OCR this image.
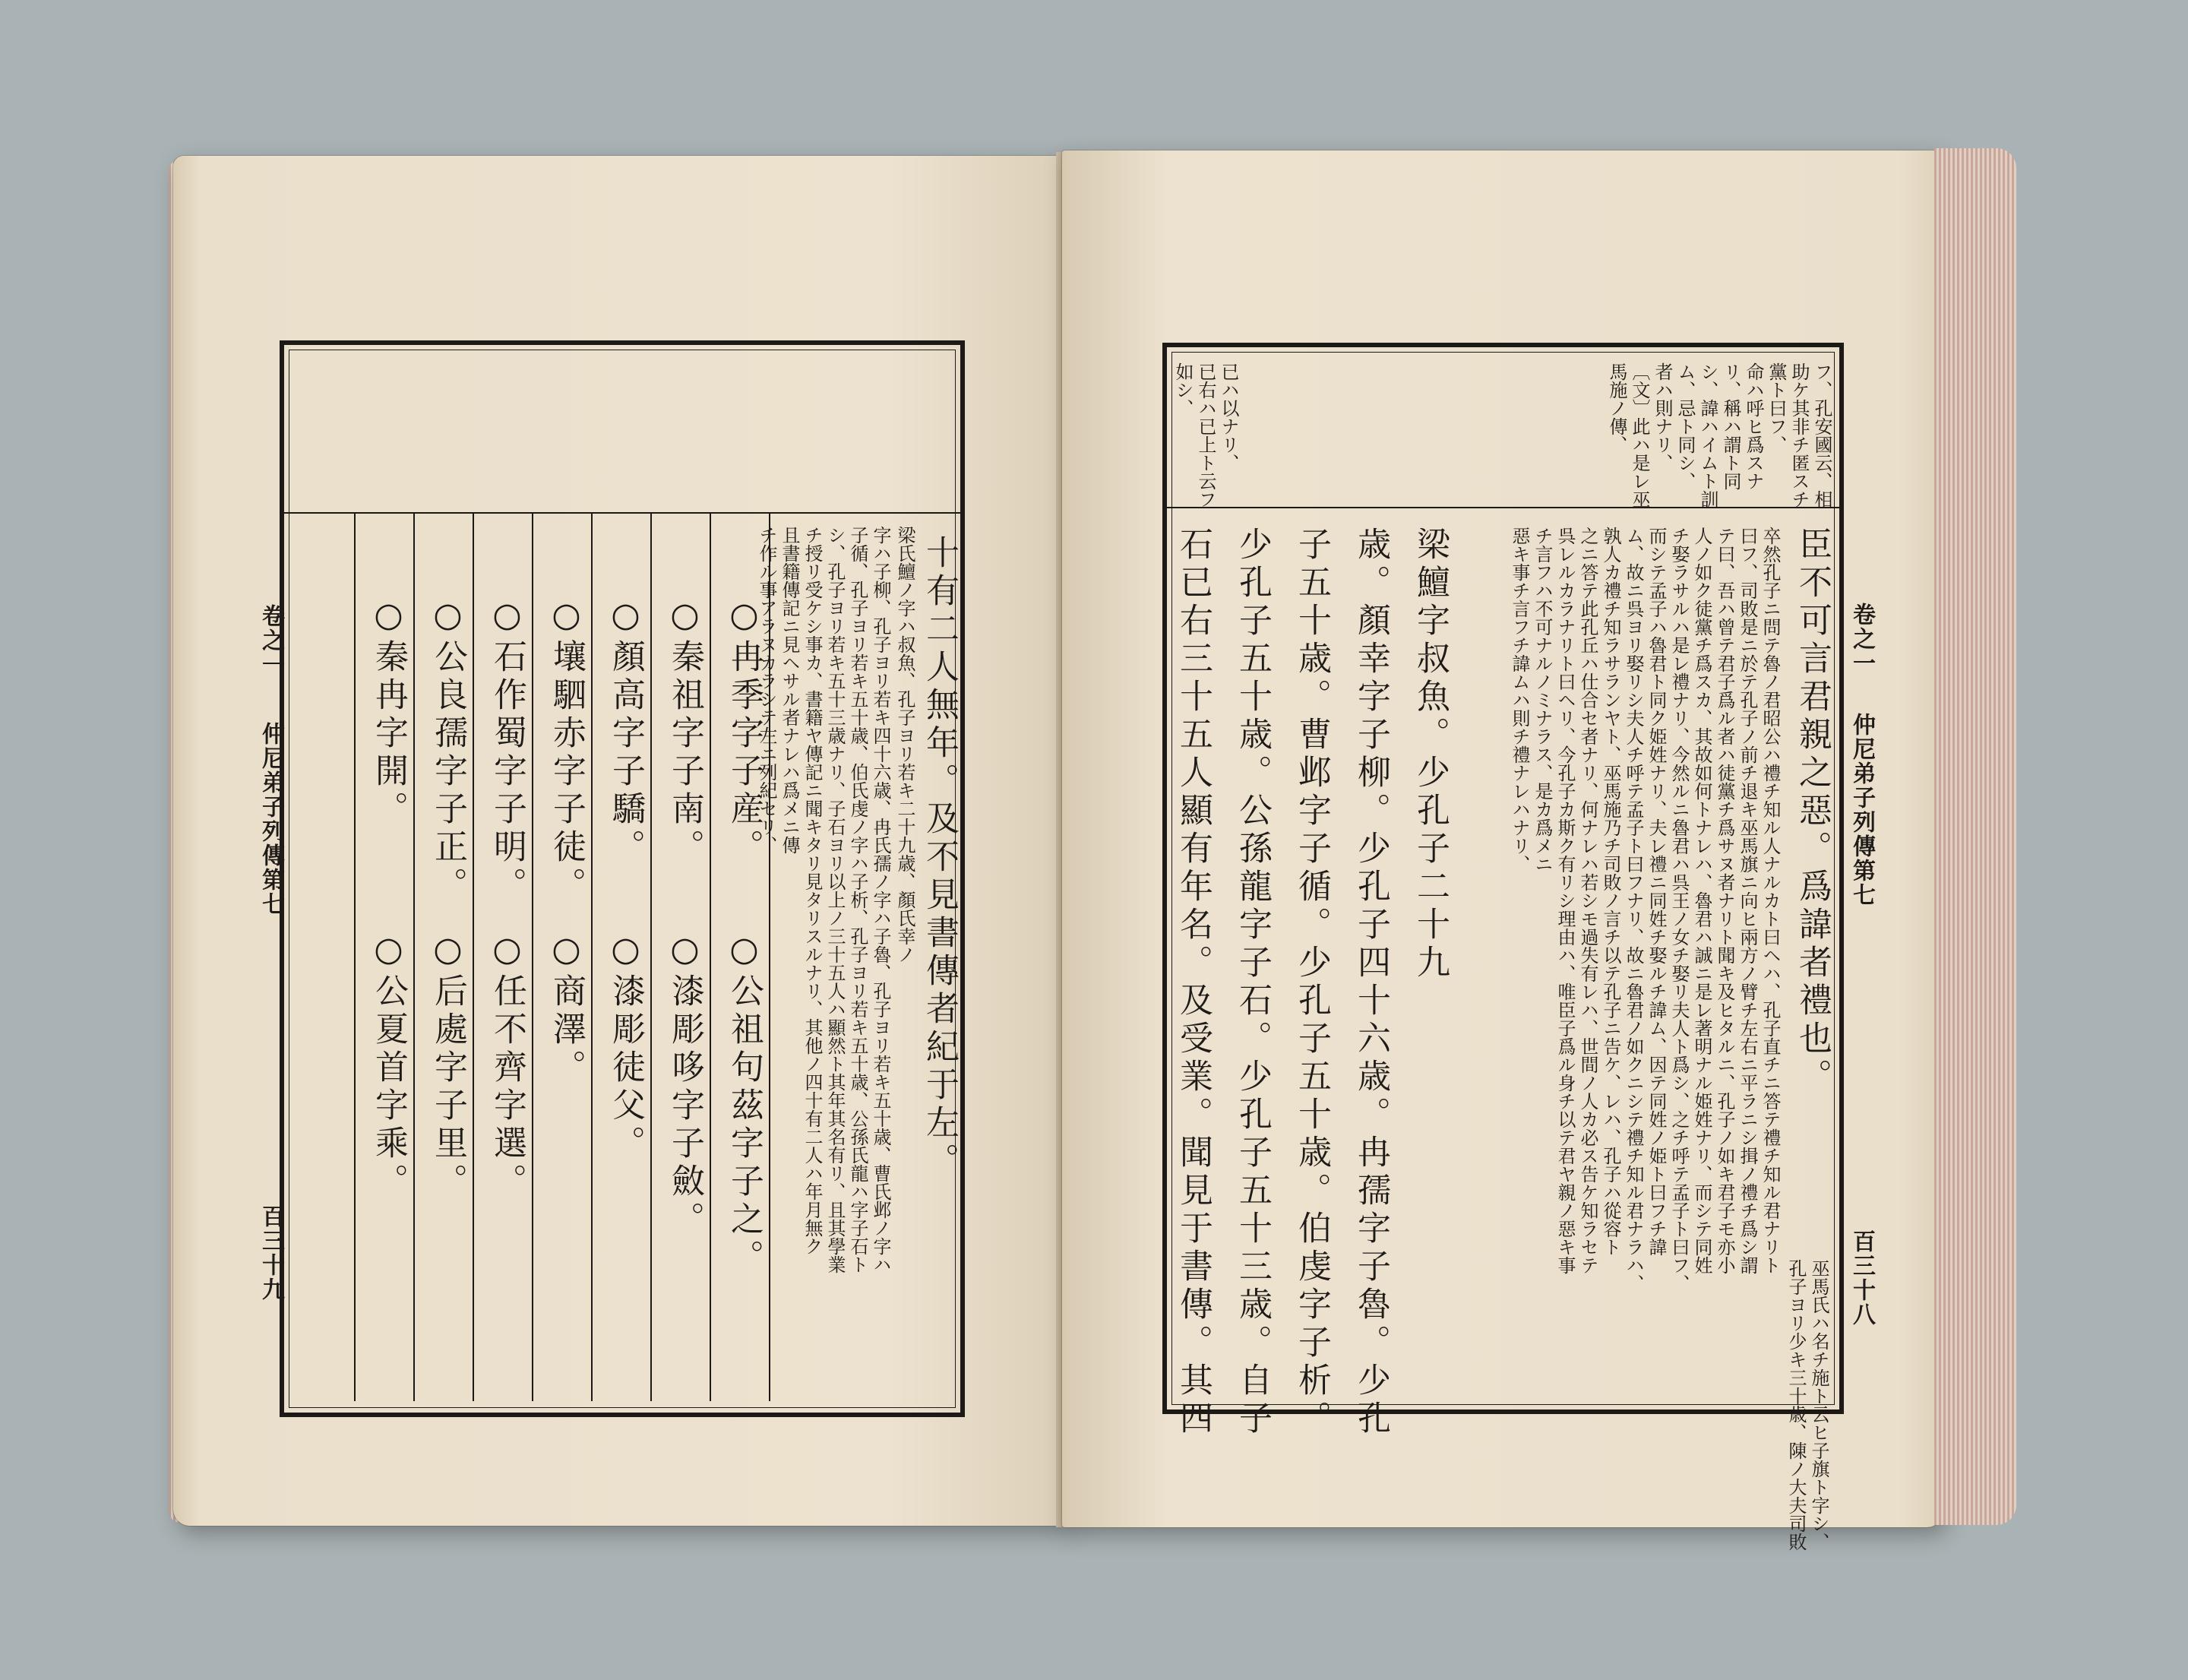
梁氏鱣ノ字ハ叔魚、孔子ヨリ若キ二十九歳、顏氏幸ノ
字ハ子柳、孔子ヨリ若キ四十六歳、冉氏孺ノ字ハ子魯、孔子ヨリ若キ五十歳、曹氏邺ノ字ハ
子循、孔子ヨリ若キ五十歳、伯氏虔ノ字ハ子析、孔子ヨリ若キ五十歳、公孫氏龍ハ字子石ト
シ、孔子ヨリ若キ五十三歳ナリ、子石ヨリ以上ノ三十五人ハ顯然ト其年其名有リ、且其學業
チ授リ受ケシ事カ、書籍ヤ傳記ニ聞キタリ見タリスルナリ、其他ノ四十有二人ハ年月無ク
且書籍傳記ニ見ヘサル者ナレハ爲メニ傳
チ作ル事アラヌカラシテ左ニ列紀セリ、	十有二人無年。及不見書傳者紀于左。
○冉季字子産。
○秦祖字子南。
○顏高字子驕。
○壤駟赤字子徒。
○石作蜀字子明。
○公良孺字子正。
○秦冉字開。
○公祖句茲字子之。
○漆彫哆字子斂。
○漆彫徒父。
○商澤。
○任不齊字選。
○后處字子里。
○公夏首字乘。
卷之一
仲尼弟子列傳第七
百三十九
フ、孔安國云、相
助ケ其非チ匿スチ
黨ト曰フ、
命ハ呼ヒ爲スナ
リ、稱ハ謂ト同
シ、諱ハイムト訓
ム、忌ト同シ、
者ハ則ナリ、
〔文〕此ハ是レ巫
馬施ノ傳、
已ハ以ナリ、
已右ハ已上ト云フ
如シ、
臣不可言君親之惡。爲諱者禮也。
巫馬氏ハ名チ施ト云ヒ子旗ト字シ、
卒然孔子ニ問テ魯ノ君昭公ハ禮チ知ル人ナルカト曰ヘハ、孔子直チニ答テ禮チ知ル君ナリト
曰フ、司敗是ニ於テ孔子ノ前チ退キ巫馬旗ニ向ヒ兩方ノ臂チ左右ニ平ラニシ揖ノ禮チ爲シ謂
テ曰、吾ハ曾テ君子爲ル者ハ徒黨チ爲サヌ者ナリト聞キ及ヒタルニ、孔子ノ如キ君子モ亦小
人ノ如ク徒黨チ爲スカ、其故如何トナレハ、魯君ハ誠ニ是レ著明ナル姫姓ナリ、而シテ同姓
チ娶ラサルハ是レ禮ナリ、今然ルニ魯君ハ呉王ノ女チ娶リ夫人ト爲シ、之チ呼テ孟子ト曰フ、
而シテ孟子ハ魯君ト同ク姫姓ナリ、夫レ禮ニ同姓チ娶ルチ諱ム、因テ同姓ノ姫ト曰フチ諱
ム、故ニ呉ヨリ娶リシ夫人チ呼テ孟子ト曰フナリ、故ニ魯君ノ如クニシテ禮チ知ル君ナラハ、
孰人カ禮チ知ラサランヤト、巫馬施乃チ司敗ノ言チ以テ孔子ニ告ケ、レハ、孔子ハ從容ト
之ニ答テ此孔丘ハ仕合セ者ナリ、何ナレハ若シモ過失有レハ、世間ノ人カ必ス告ケ知ラセテ
呉レルカラナリト曰ヘリ、今孔子カ斯ク有リシ理由ハ、唯臣子爲ル身チ以テ君ヤ親ノ惡キ事
チ言フハ不可ナルノミナラス、是カ爲メニ
惡キ事チ言フチ諱ムハ則チ禮ナレハナリ、
梁鱣字叔魚。少孔子二十九
歳。顏幸字子柳。少孔子四十六歳。冉孺字子魯。少孔
子五十歳。曹邺字子循。少孔子五十歳。伯虔字子析。
少孔子五十歳。公孫龍字子石。少孔子五十三歳。自子
石已右三十五人顯有年名。及受業。聞見于書傳。其四	孔子ヨリ少キ三十歳、陳ノ大夫司敗
卷之一
仲尼弟子列傳第七
百三十八
